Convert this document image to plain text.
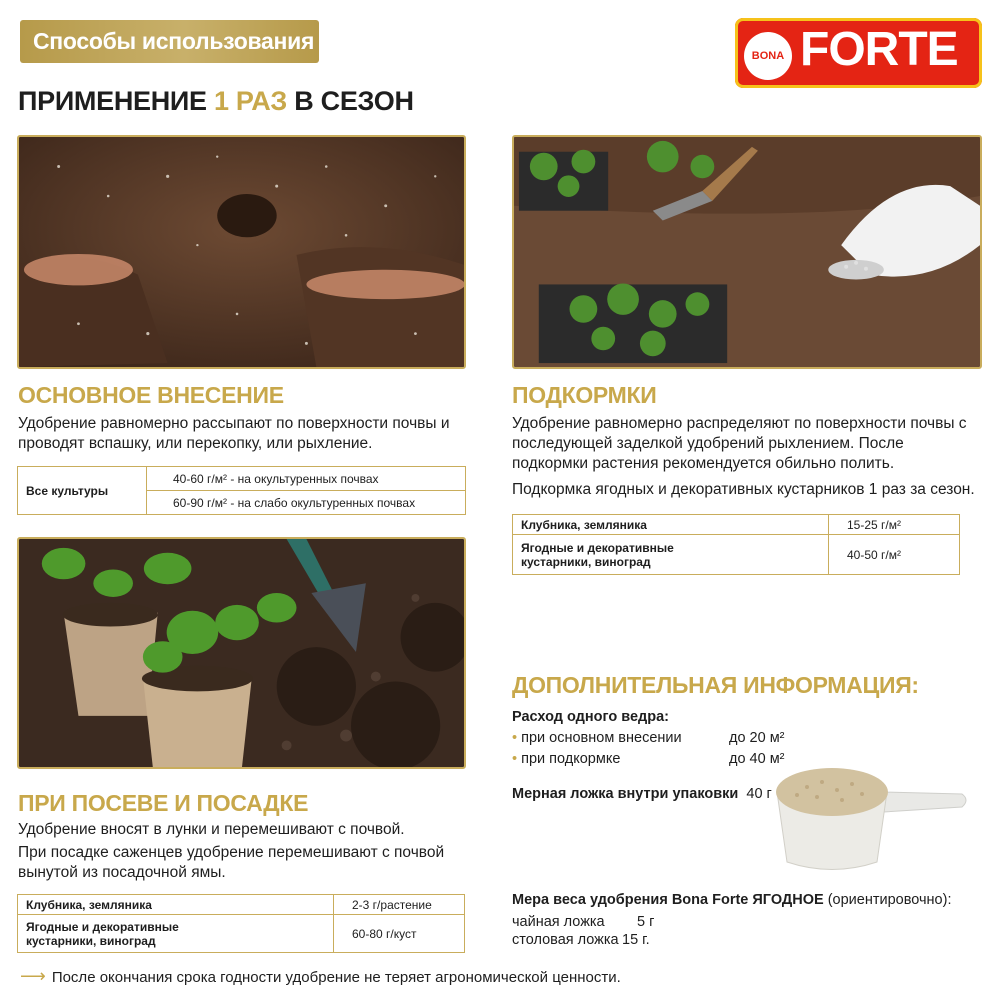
Способы использования
BONA FORTE
ПРИМЕНЕНИЕ 1 РАЗ В СЕЗОН
ОСНОВНОЕ ВНЕСЕНИЕ
Удобрение равномерно рассыпают по поверхности почвы и
проводят вспашку, или перекопку, или рыхление.
Все культуры	40-60 г/м² - на окультуренных почвах
60-90 г/м² - на слабо окультуренных почвах
ПОДКОРМКИ
Удобрение равномерно распределяют по поверхности почвы с
последующей заделкой удобрений рыхлением. После
подкормки растения рекомендуется обильно полить.
Подкормка ягодных и декоративных кустарников 1 раз за сезон.
Клубника, земляника	15-25 г/м²

Ягодные и декоративные
кустарники, виноград	40-50 г/м²
ПРИ ПОСЕВЕ И ПОСАДКЕ
Удобрение вносят в лунки и перемешивают с почвой.
При посадке саженцев удобрение перемешивают с почвой
вынутой из посадочной ямы.
Клубника, земляника	2-3 г/растение

Ягодные и декоративные
кустарники, виноград	60-80 г/куст
ДОПОЛНИТЕЛЬНАЯ ИНФОРМАЦИЯ:
Расход одного ведра:
• при основном внесении	до 20 м²
• при подкормке	до 40 м²
Мерная ложка внутри упаковки 40 г
Мера веса удобрения Bona Forte ЯГОДНОЕ (ориентировочно):
чайная ложка 5 г
столовая ложка 15 г.
⟶ После окончания срока годности удобрение не теряет агрономической ценности.
